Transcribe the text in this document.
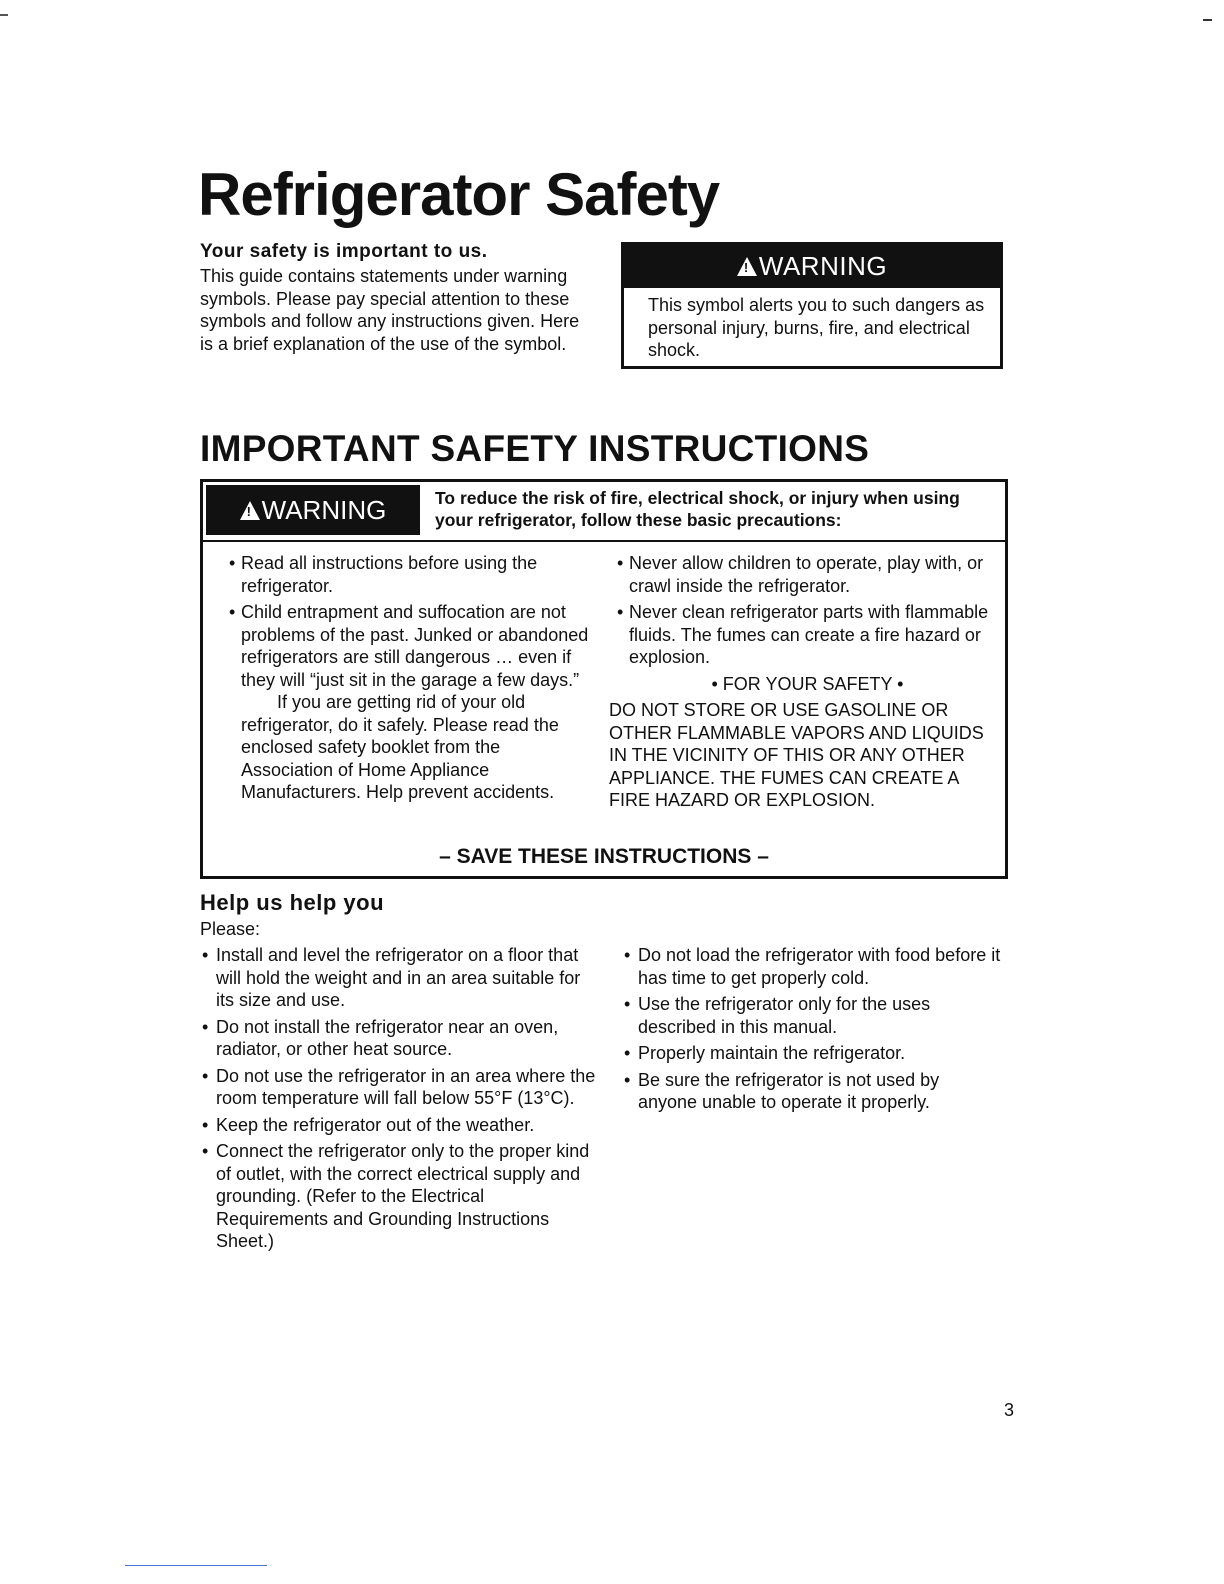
Refrigerator Safety
Your safety is important to us.

This guide contains statements under warning symbols. Please pay special attention to these symbols and follow any instructions given. Here is a brief explanation of the use of the symbol.

!
WARNING
This symbol alerts you to such dangers as personal injury, burns, fire, and electrical shock.
IMPORTANT SAFETY INSTRUCTIONS
!
WARNING	To reduce the risk of fire, electrical shock, or injury when using your refrigerator, follow these basic precautions:
• Read all instructions before using the refrigerator.
• Child entrapment and suffocation are not problems of the past. Junked or abandoned refrigerators are still dangerous … even if they will “just sit in the garage a few days.”

If you are getting rid of your old refrigerator, do it safely. Please read the enclosed safety booklet from the Association of Home Appliance Manufacturers. Help prevent accidents.

• Never allow children to operate, play with, or crawl inside the refrigerator.
• Never clean refrigerator parts with flammable fluids. The fumes can create a fire hazard or explosion.
• FOR YOUR SAFETY •
DO NOT STORE OR USE GASOLINE OR OTHER FLAMMABLE VAPORS AND LIQUIDS IN THE VICINITY OF THIS OR ANY OTHER APPLIANCE. THE FUMES CAN CREATE A FIRE HAZARD OR EXPLOSION.
– SAVE THESE INSTRUCTIONS –
Help us help you
Please:
• Install and level the refrigerator on a floor that will hold the weight and in an area suitable for its size and use.
• Do not install the refrigerator near an oven, radiator, or other heat source.
• Do not use the refrigerator in an area where the room temperature will fall below 55°F (13°C).
• Keep the refrigerator out of the weather.
• Connect the refrigerator only to the proper kind of outlet, with the correct electrical supply and grounding. (Refer to the Electrical Requirements and Grounding Instructions Sheet.)
• Do not load the refrigerator with food before it has time to get properly cold.
• Use the refrigerator only for the uses described in this manual.
• Properly maintain the refrigerator.
• Be sure the refrigerator is not used by anyone unable to operate it properly.
3
